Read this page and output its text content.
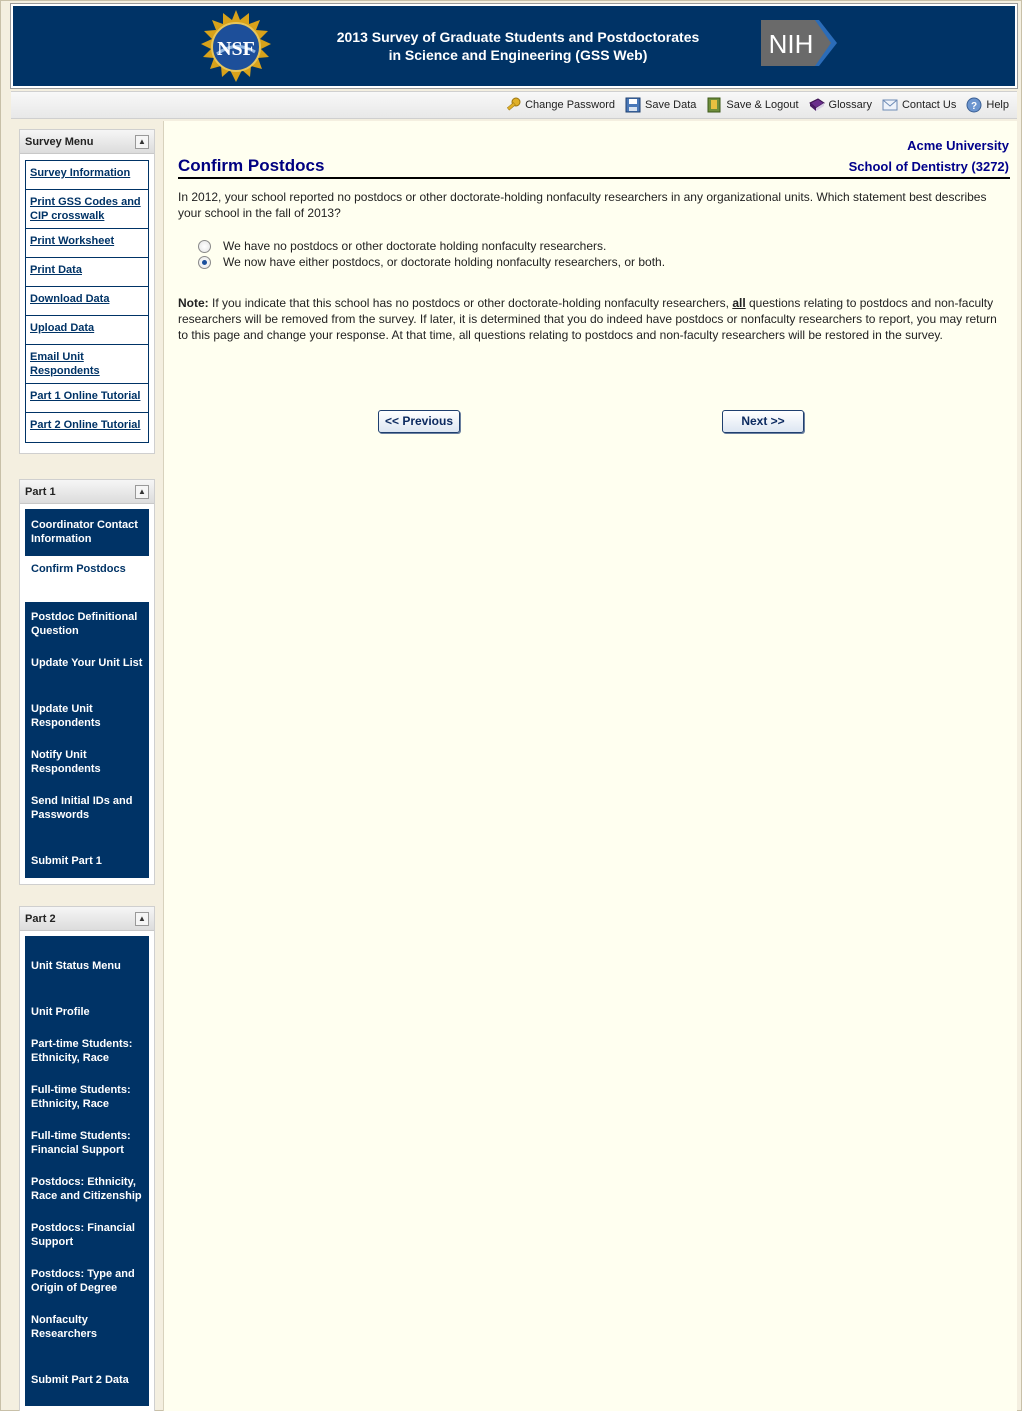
NSF
2013 Survey of Graduate Students and Postdoctorates
in Science and Engineering (GSS Web)	NIH
Change Password	Save Data	Save & Logout	Glossary	Contact Us ? Help
Survey Menu	▲
Survey Information
Print GSS Codes and CIP crosswalk
Print Worksheet
Print Data
Download Data
Upload Data
Email Unit Respondents
Part 1 Online Tutorial
Part 2 Online Tutorial
Part 1	▲
Coordinator Contact Information
Confirm Postdocs
Postdoc Definitional Question
Update Your Unit List
Update Unit Respondents
Notify Unit Respondents
Send Initial IDs and Passwords
Submit Part 1
Part 2	▲
Unit Status Menu
Unit Profile
Part-time Students: Ethnicity, Race
Full-time Students: Ethnicity, Race
Full-time Students: Financial Support
Postdocs: Ethnicity, Race and Citizenship
Postdocs: Financial Support
Postdocs: Type and Origin of Degree
Nonfaculty Researchers
Submit Part 2 Data
Acme University
Confirm Postdocs	School of Dentistry (3272)
In 2012, your school reported no postdocs or other doctorate-holding nonfaculty researchers in any organizational units. Which statement best describes your school in the fall of 2013?
We have no postdocs or other doctorate holding nonfaculty researchers.
We now have either postdocs, or doctorate holding nonfaculty researchers, or both.
Note: If you indicate that this school has no postdocs or other doctorate-holding nonfaculty researchers, all questions relating to postdocs and non-faculty researchers will be removed from the survey. If later, it is determined that you do indeed have postdocs or nonfaculty researchers to report, you may return to this page and change your response. At that time, all questions relating to postdocs and non-faculty researchers will be restored in the survey.
<< Previous	Next >>
